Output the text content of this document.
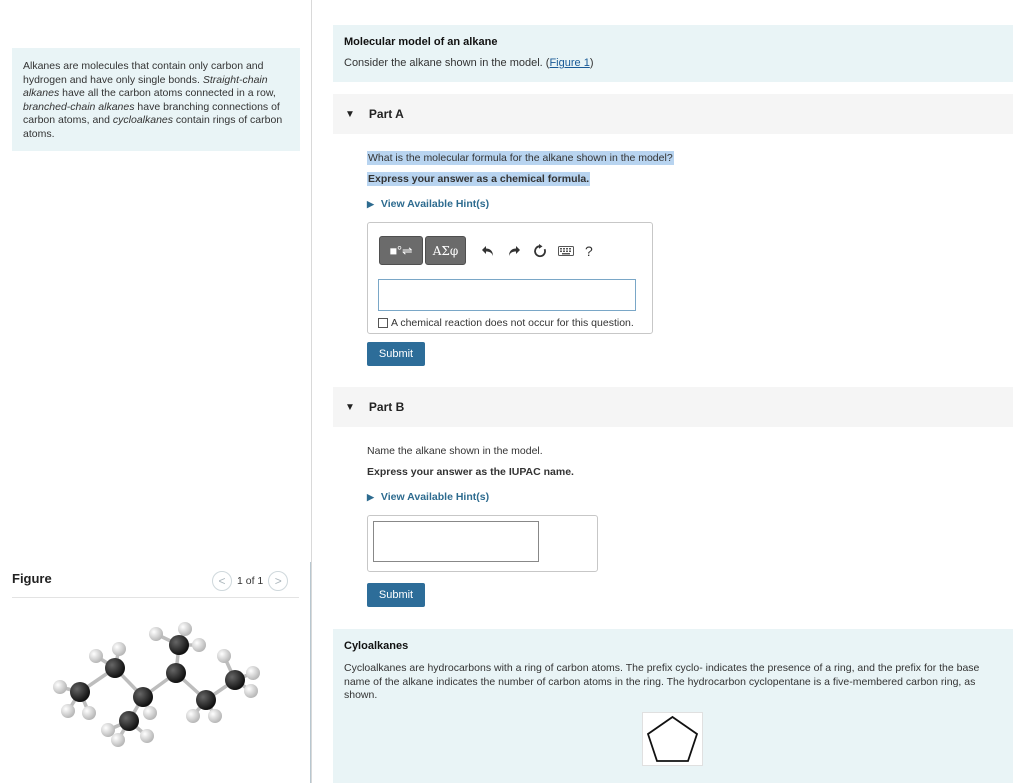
Alkanes are molecules that contain only carbon and hydrogen and have only single bonds. Straight-chain alkanes have all the carbon atoms connected in a row, branched-chain alkanes have branching connections of carbon atoms, and cycloalkanes contain rings of carbon atoms.
Figure	< 1 of 1 >
Molecular model of an alkane
Consider the alkane shown in the model. (Figure 1)
▼ Part A
What is the molecular formula for the alkane shown in the model?
Express your answer as a chemical formula.
▶ View Available Hint(s)
■°⇌ ΑΣφ	?
A chemical reaction does not occur for this question.
Submit
▼ Part B
Name the alkane shown in the model.
Express your answer as the IUPAC name.
▶ View Available Hint(s)
Submit
Cyloalkanes
Cycloalkanes are hydrocarbons with a ring of carbon atoms. The prefix cyclo- indicates the presence of a ring, and the prefix for the base name of the alkane indicates the number of carbon atoms in the ring. The hydrocarbon cyclopentane is a five-membered carbon ring, as shown.
